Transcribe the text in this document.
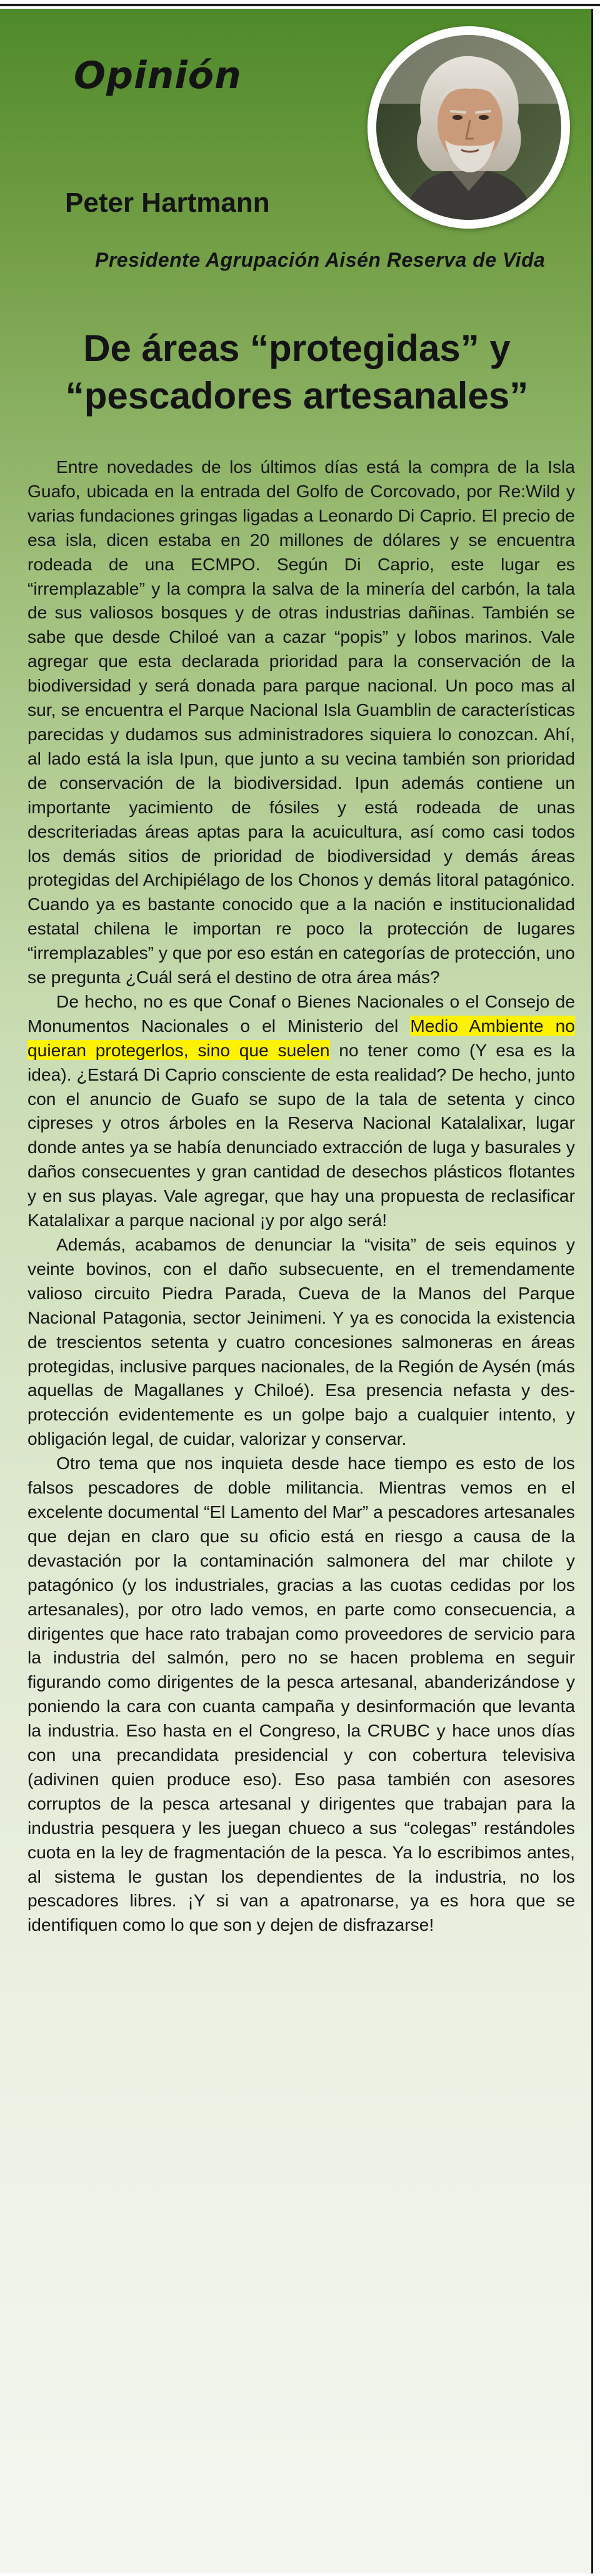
Opinión
Peter Hartmann

Presidente Agrupación Aisén Reserva de Vida

De áreas “protegidas” y
“pescadores artesanales”

Entre novedades de los últimos días está la compra de la Isla Guafo, ubicada en la entrada del Golfo de Corcovado, por Re:Wild y varias fundaciones gringas ligadas a Leonardo Di Caprio. El precio de esa isla, dicen estaba en 20 millones de dólares y se encuentra rodeada de una ECMPO. Según Di Caprio, este lugar es “irremplazable” y la compra la salva de la minería del carbón, la tala de sus valiosos bosques y de otras industrias dañinas. También se sabe que desde Chiloé van a cazar “popis” y lobos marinos. Vale agregar que esta declarada prioridad para la conservación de la biodiversidad y será donada para parque nacional. Un poco mas al sur, se encuentra el Parque Nacional Isla Guamblin de características parecidas y dudamos sus administradores siquiera lo conozcan. Ahí, al lado está la isla Ipun, que junto a su vecina también son prioridad de conservación de la biodiversidad. Ipun además contiene un importante yacimiento de fósiles y está rodeada de unas descriteriadas áreas aptas para la acuicultura, así como casi todos los demás sitios de prioridad de biodiversidad y demás áreas protegidas del Archipiélago de los Chonos y demás litoral patagónico. Cuando ya es bastante conocido que a la nación e institucionalidad estatal chilena le importan re poco la protección de lugares “irremplazables” y que por eso están en categorías de protección, uno se pregunta ¿Cuál será el destino de otra área más?

De hecho, no es que Conaf o Bienes Nacionales o el Consejo de Monumentos Nacionales o el Ministerio del Medio Ambiente no quieran protegerlos, sino que suelen no tener como (Y esa es la idea). ¿Estará Di Caprio consciente de esta realidad? De hecho, junto con el anuncio de Guafo se supo de la tala de setenta y cinco cipreses y otros árboles en la Reserva Nacional Katalalixar, lugar donde antes ya se había denunciado extracción de luga y basurales y daños consecuentes y gran cantidad de desechos plásticos flotantes y en sus playas. Vale agregar, que hay una propuesta de reclasificar Katalalixar a parque nacional ¡y por algo será!

Además, acabamos de denunciar la “visita” de seis equinos y veinte bovinos, con el daño subsecuente, en el tremendamente valioso circuito Piedra Parada, Cueva de la Manos del Parque Nacional Patagonia, sector Jeinimeni. Y ya es conocida la existencia de trescientos setenta y cuatro concesiones salmoneras en áreas protegidas, inclusive parques nacionales, de la Región de Aysén (más aquellas de Magallanes y Chiloé). Esa presencia nefasta y des-protección evidentemente es un golpe bajo a cualquier intento, y obligación legal, de cuidar, valorizar y conservar.

Otro tema que nos inquieta desde hace tiempo es esto de los falsos pescadores de doble militancia. Mientras vemos en el excelente documental “El Lamento del Mar” a pescadores artesanales que dejan en claro que su oficio está en riesgo a causa de la devastación por la contaminación salmonera del mar chilote y patagónico (y los industriales, gracias a las cuotas cedidas por los artesanales), por otro lado vemos, en parte como consecuencia, a dirigentes que hace rato trabajan como proveedores de servicio para la industria del salmón, pero no se hacen problema en seguir figurando como dirigentes de la pesca artesanal, abanderizándose y poniendo la cara con cuanta campaña y desinformación que levanta la industria. Eso hasta en el Congreso, la CRUBC y hace unos días con una precandidata presidencial y con cobertura televisiva (adivinen quien produce eso). Eso pasa también con asesores corruptos de la pesca artesanal y dirigentes que trabajan para la industria pesquera y les juegan chueco a sus “colegas” restándoles cuota en la ley de fragmentación de la pesca. Ya lo escribimos antes, al sistema le gustan los dependientes de la industria, no los pescadores libres. ¡Y si van a apatronarse, ya es hora que se identifiquen como lo que son y dejen de disfrazarse!
